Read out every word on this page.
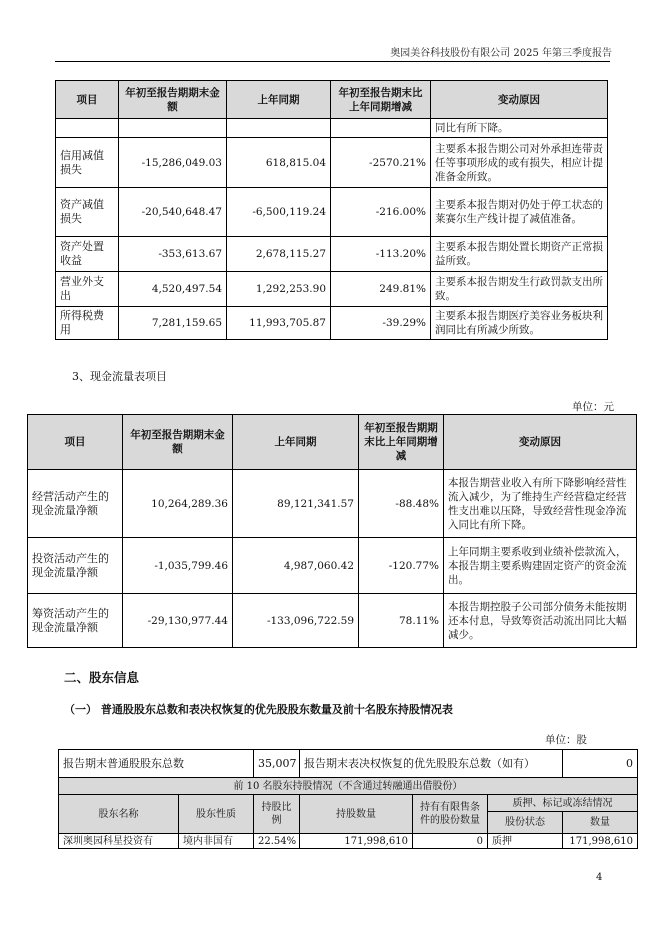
奥园美谷科技股份有限公司 2025 年第三季度报告
项目	年初至报告期期末金额	上年同期	年初至报告期末比上年同期增减	变动原因
				同比有所下降。
信用减值损失	-15,286,049.03	618,815.04	-2570.21%	主要系本报告期公司对外承担连带责任等事项形成的或有损失，相应计提准备金所致。
资产减值损失	-20,540,648.47	-6,500,119.24	-216.00%	主要系本报告期对仍处于停工状态的莱赛尔生产线计提了减值准备。
资产处置收益	-353,613.67	2,678,115.27	-113.20%	主要系本报告期处置长期资产正常损益所致。
营业外支出	4,520,497.54	1,292,253.90	249.81%	主要系本报告期发生行政罚款支出所致。
所得税费用	7,281,159.65	11,993,705.87	-39.29%	主要系本报告期医疗美容业务板块利润同比有所减少所致。
3、现金流量表项目
单位：元
项目	年初至报告期期末金额	上年同期	年初至报告期期末比上年同期增减	变动原因
经营活动产生的现金流量净额	10,264,289.36	89,121,341.57	-88.48%	本报告期营业收入有所下降影响经营性流入减少，为了维持生产经营稳定经营性支出难以压降，导致经营性现金净流入同比有所下降。
投资活动产生的现金流量净额	-1,035,799.46	4,987,060.42	-120.77%	上年同期主要系收到业绩补偿款流入，本报告期主要系购建固定资产的资金流出。
筹资活动产生的现金流量净额	-29,130,977.44	-133,096,722.59	78.11%	本报告期控股子公司部分债务未能按期还本付息，导致筹资活动流出同比大幅减少。
二、股东信息
（一） 普通股股东总数和表决权恢复的优先股股东数量及前十名股东持股情况表
单位：股
报告期末普通股股东总数		35,007	报告期末表决权恢复的优先股股东总数（如有）			0
前 10 名股东持股情况（不含通过转融通出借股份）						
股东名称	股东性质	持股比例	持股数量	持有有限售条件的股份数量	质押、标记或冻结情况	
					股份状态	数量
深圳奥园科星投资有	境内非国有	22.54%	171,998,610	0	质押	171,998,610
4
